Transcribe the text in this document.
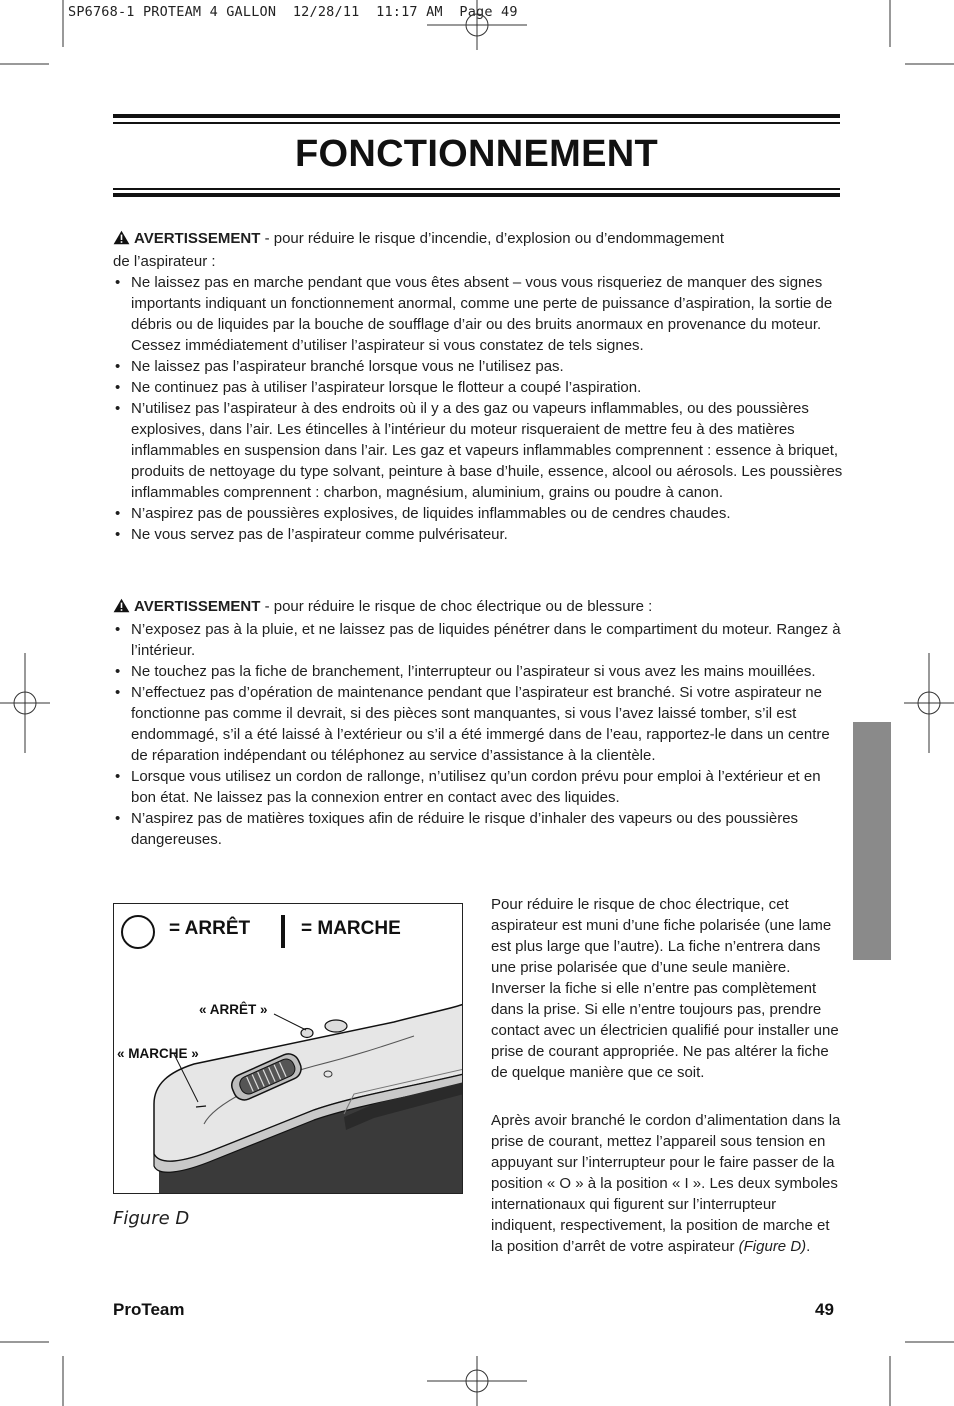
SP6768-1 PROTEAM 4 GALLON  12/28/11  11:17 AM  Page 49
FONCTIONNEMENT

AVERTISSEMENT - pour réduire le risque d’incendie, d’explosion ou d’endommagement
de l’aspirateur :

• Ne laissez pas en marche pendant que vous êtes absent – vous vous risqueriez de manquer des signes importants indiquant un fonctionnement anormal, comme une perte de puissance d’aspiration, la sortie de débris ou de liquides par la bouche de soufflage d’air ou des bruits anormaux en provenance du moteur. Cessez immédiatement d’utiliser l’aspirateur si vous constatez de tels signes.
• Ne laissez pas l’aspirateur branché lorsque vous ne l’utilisez pas.
• Ne continuez pas à utiliser l’aspirateur lorsque le flotteur a coupé l’aspiration.
• N’utilisez pas l’aspirateur à des endroits où il y a des gaz ou vapeurs inflammables, ou des poussières explosives, dans l’air. Les étincelles à l’intérieur du moteur risqueraient de mettre feu à des matières inflammables en suspension dans l’air. Les gaz et vapeurs inflammables comprennent : essence à briquet, produits de nettoyage du type solvant, peinture à base d’huile, essence, alcool ou aérosols. Les poussières inflammables comprennent : charbon, magnésium, aluminium, grains ou poudre à canon.
• N’aspirez pas de poussières explosives, de liquides inflammables ou de cendres chaudes.
• Ne vous servez pas de l’aspirateur comme pulvérisateur.

AVERTISSEMENT - pour réduire le risque de choc électrique ou de blessure :

• N’exposez pas à la pluie, et ne laissez pas de liquides pénétrer dans le compartiment du moteur. Rangez à l’intérieur.
• Ne touchez pas la fiche de branchement, l’interrupteur ou l’aspirateur si vous avez les mains mouillées.
• N’effectuez pas d’opération de maintenance pendant que l’aspirateur est branché. Si votre aspirateur ne fonctionne pas comme il devrait, si des pièces sont manquantes, si vous l’avez laissé tomber, s’il est endommagé, s’il a été laissé à l’extérieur ou s’il a été immergé dans de l’eau, rapportez-le dans un centre de réparation indépendant ou téléphonez au service d’assistance à la clientèle.
• Lorsque vous utilisez un cordon de rallonge, n’utilisez qu’un cordon prévu pour emploi à l’extérieur et en bon état. Ne laissez pas la connexion entrer en contact avec des liquides.
• N’aspirez pas de matières toxiques afin de réduire le risque d’inhaler des vapeurs ou des poussières dangereuses.
= ARRÊT	= MARCHE
« ARRÊT »
« MARCHE »
Figure D

Pour réduire le risque de choc électrique, cet aspirateur est muni d’une fiche polarisée (une lame est plus large que l’autre). La fiche n’entrera dans une prise polarisée que d’une seule manière. Inverser la fiche si elle n’entre pas complètement dans la prise. Si elle n’entre toujours pas, prendre contact avec un électricien qualifié pour installer une prise de courant appropriée. Ne pas altérer la fiche de quelque manière que ce soit.

Après avoir branché le cordon d’alimentation dans la prise de courant, mettez l’appareil sous tension en appuyant sur l’interrupteur pour le faire passer de la position « O » à la position « I ». Les deux symboles internationaux qui figurent sur l’interrupteur indiquent, respectivement, la position de marche et la position d’arrêt de votre aspirateur (Figure D).

ProTeam	49
